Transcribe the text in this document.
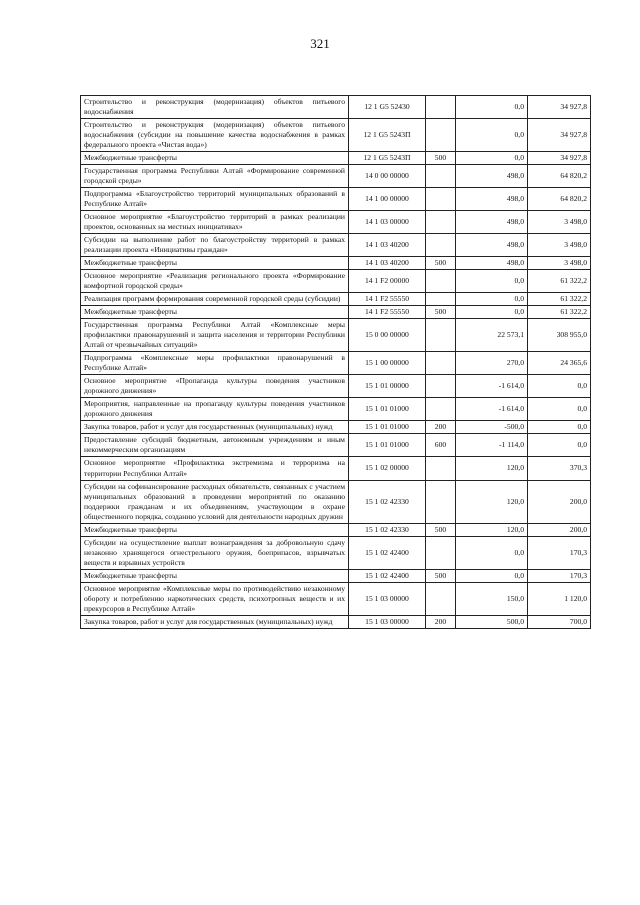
321
Строительство и реконструкция (модернизация) объектов питьевого водоснабжения	12 1 G5 52430		0,0	34 927,8
Строительство и реконструкция (модернизация) объектов питьевого водоснабжения (субсидии на повышение качества водоснабжения в рамках федерального проекта «Чистая вода»)	12 1 G5 5243П		0,0	34 927,8
Межбюджетные трансферты	12 1 G5 5243П	500	0,0	34 927,8
Государственная программа Республики Алтай «Формирование современной городской среды»	14 0 00 00000		498,0	64 820,2
Подпрограмма «Благоустройство территорий муниципальных образований в Республике Алтай»	14 1 00 00000		498,0	64 820,2
Основное мероприятие «Благоустройство территорий в рамках реализации проектов, основанных на местных инициативах»	14 1 03 00000		498,0	3 498,0
Субсидии на выполнение работ по благоустройству территорий в рамках реализации проекта «Инициативы граждан»	14 1 03 40200		498,0	3 498,0
Межбюджетные трансферты	14 1 03 40200	500	498,0	3 498,0
Основное мероприятие «Реализация регионального проекта «Формирование комфортной городской среды»	14 1 F2 00000		0,0	61 322,2
Реализация программ формирования современной городской среды (субсидии)	14 1 F2 55550		0,0	61 322,2
Межбюджетные трансферты	14 1 F2 55550	500	0,0	61 322,2
Государственная программа Республики Алтай «Комплексные меры профилактики правонарушений и защита населения и территории Республики Алтай от чрезвычайных ситуаций»	15 0 00 00000		22 573,1	308 955,0
Подпрограмма «Комплексные меры профилактики правонарушений в Республике Алтай»	15 1 00 00000		270,0	24 365,6
Основное мероприятие «Пропаганда культуры поведения участников дорожного движения»	15 1 01 00000		-1 614,0	0,0
Мероприятия, направленные на пропаганду культуры поведения участников дорожного движения	15 1 01 01000		-1 614,0	0,0
Закупка товаров, работ и услуг для государственных (муниципальных) нужд	15 1 01 01000	200	-500,0	0,0
Предоставление субсидий бюджетным, автономным учреждениям и иным некоммерческим организациям	15 1 01 01000	600	-1 114,0	0,0
Основное мероприятие «Профилактика экстремизма и терроризма на территории Республики Алтай»	15 1 02 00000		120,0	370,3
Субсидии на софинансирование расходных обязательств, связанных с участием муниципальных образований в проведении мероприятий по оказанию поддержки гражданам и их объединениям, участвующим в охране общественного порядка, созданию условий для деятельности народных дружин	15 1 02 42330		120,0	200,0
Межбюджетные трансферты	15 1 02 42330	500	120,0	200,0
Субсидии на осуществление выплат вознаграждения за добровольную сдачу незаконно хранящегося огнестрельного оружия, боеприпасов, взрывчатых веществ и взрывных устройств	15 1 02 42400		0,0	170,3
Межбюджетные трансферты	15 1 02 42400	500	0,0	170,3
Основное мероприятие «Комплексные меры по противодействию незаконному обороту и потреблению наркотических средств, психотропных веществ и их прекурсоров в Республике Алтай»	15 1 03 00000		150,0	1 120,0
Закупка товаров, работ и услуг для государственных (муниципальных) нужд	15 1 03 00000	200	500,0	700,0
